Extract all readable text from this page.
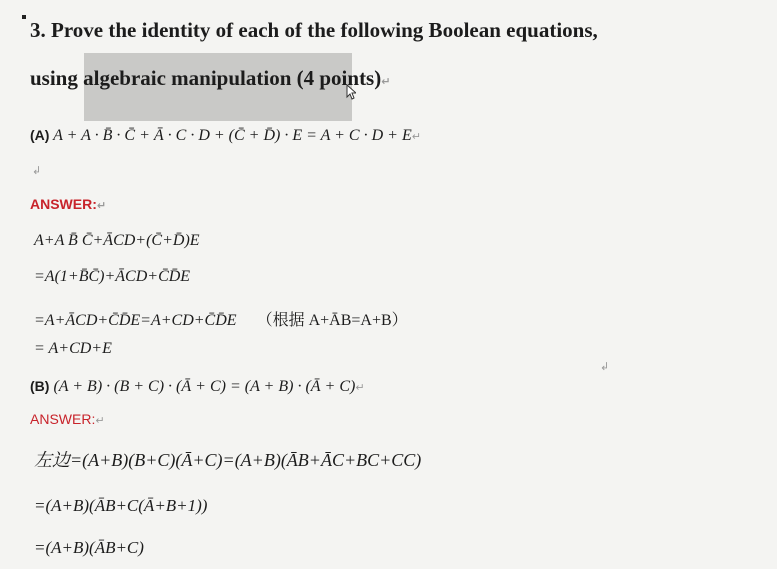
3. Prove the identity of each of the following Boolean equations,
using algebraic manipulation (4 points)↵
(A) A + A · B̄ · C̄ + Ā · C · D + (C̄ + D̄) · E = A + C · D + E↵
↲
ANSWER:↵
A+A B̄ C̄+ĀCD+(C̄+D̄)E
=A(1+B̄C̄)+ĀCD+C̄D̄E
=A+ĀCD+C̄D̄E=A+CD+C̄D̄E （根据 A+ĀB=A+B）
= A+CD+E
↲
(B) (A + B) · (B + C) · (Ā + C) = (A + B) · (Ā + C)↵
ANSWER:↵
左边=(A+B)(B+C)(Ā+C)=(A+B)(ĀB+ĀC+BC+CC)
=(A+B)(ĀB+C(Ā+B+1))
=(A+B)(ĀB+C)
